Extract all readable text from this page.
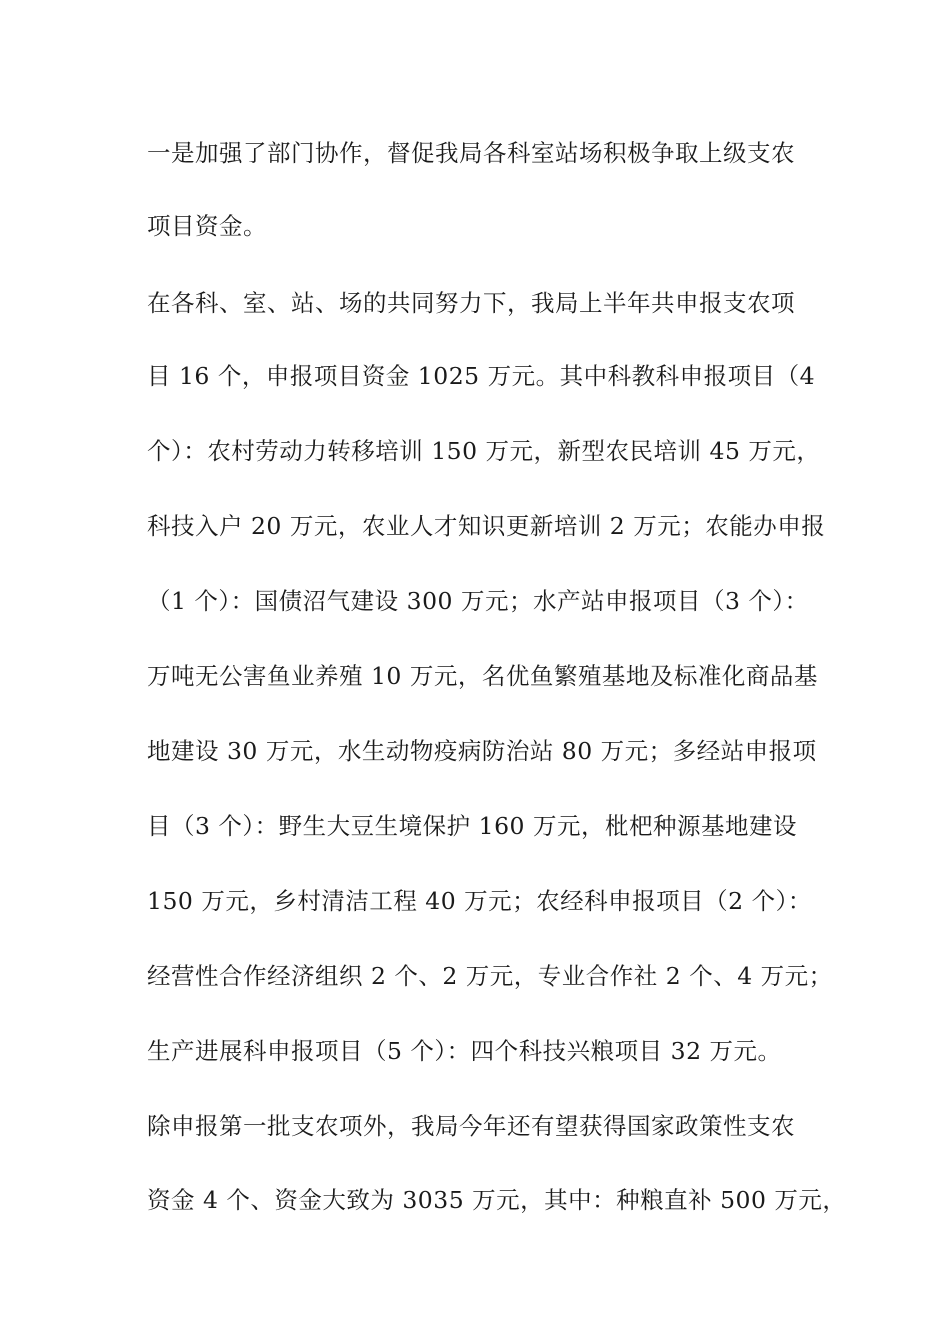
一是加强了部门协作，督促我局各科室站场积极争取上级支农
项目资金。
在各科、室、站、场的共同努力下，我局上半年共申报支农项
目 16 个，申报项目资金 1025 万元。其中科教科申报项目（4
个）：农村劳动力转移培训 150 万元，新型农民培训 45 万元，
科技入户 20 万元，农业人才知识更新培训 2 万元；农能办申报
（1 个）：国债沼气建设 300 万元；水产站申报项目（3 个）：
万吨无公害鱼业养殖 10 万元，名优鱼繁殖基地及标准化商品基
地建设 30 万元，水生动物疫病防治站 80 万元；多经站申报项
目（3 个）：野生大豆生境保护 160 万元，枇杷种源基地建设
150 万元，乡村清洁工程 40 万元；农经科申报项目（2 个）：
经营性合作经济组织 2 个、2 万元，专业合作社 2 个、4 万元；
生产进展科申报项目（5 个）：四个科技兴粮项目 32 万元。
除申报第一批支农项外，我局今年还有望获得国家政策性支农
资金 4 个、资金大致为 3035 万元，其中：种粮直补 500 万元，
